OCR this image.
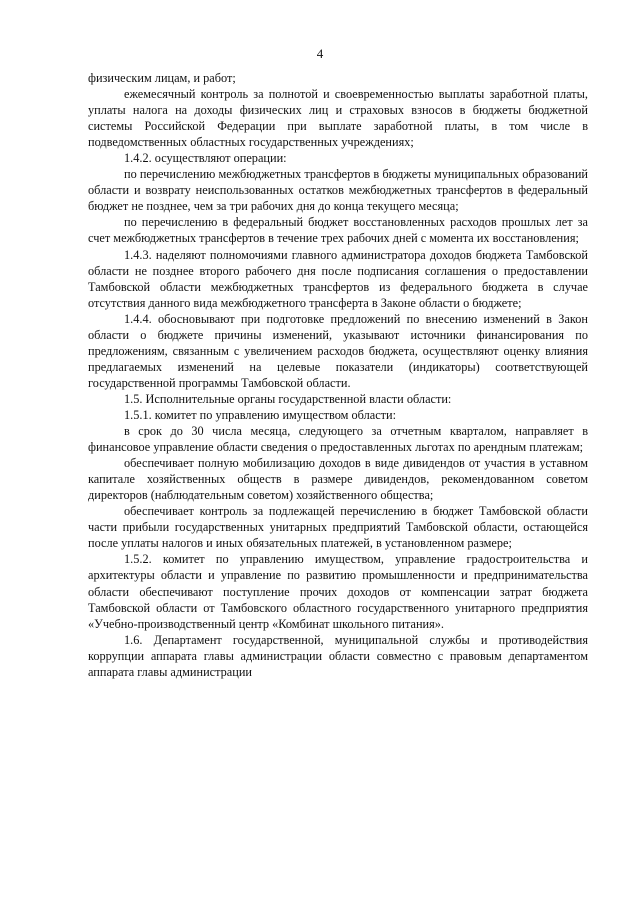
4

физическим лицам, и работ;

ежемесячный контроль за полнотой и своевременностью выплаты заработной платы, уплаты налога на доходы физических лиц и страховых взносов в бюджеты бюджетной системы Российской Федерации при выплате заработной платы, в том числе в подведомственных областных государственных учреждениях;

1.4.2. осуществляют операции:

по перечислению межбюджетных трансфертов в бюджеты муниципальных образований области и возврату неиспользованных остатков межбюджетных трансфертов в федеральный бюджет не позднее, чем за три рабочих дня до конца текущего месяца;

по перечислению в федеральный бюджет восстановленных расходов прошлых лет за счет межбюджетных трансфертов в течение трех рабочих дней с момента их восстановления;

1.4.3. наделяют полномочиями главного администратора доходов бюджета Тамбовской области не позднее второго рабочего дня после подписания соглашения о предоставлении Тамбовской области межбюджетных трансфертов из федерального бюджета в случае отсутствия данного вида межбюджетного трансферта в Законе области о бюджете;

1.4.4. обосновывают при подготовке предложений по внесению изменений в Закон области о бюджете причины изменений, указывают источники финансирования по предложениям, связанным с увеличением расходов бюджета, осуществляют оценку влияния предлагаемых изменений на целевые показатели (индикаторы) соответствующей государственной программы Тамбовской области.

1.5. Исполнительные органы государственной власти области:

1.5.1. комитет по управлению имуществом области:

в срок до 30 числа месяца, следующего за отчетным кварталом, направляет в финансовое управление области сведения о предоставленных льготах по арендным платежам;

обеспечивает полную мобилизацию доходов в виде дивидендов от участия в уставном капитале хозяйственных обществ в размере дивидендов, рекомендованном советом директоров (наблюдательным советом) хозяйственного общества;

обеспечивает контроль за подлежащей перечислению в бюджет Тамбовской области части прибыли государственных унитарных предприятий Тамбовской области, остающейся после уплаты налогов и иных обязательных платежей, в установленном размере;

1.5.2. комитет по управлению имуществом, управление градостроительства и архитектуры области и управление по развитию промышленности и предпринимательства области обеспечивают поступление прочих доходов от компенсации затрат бюджета Тамбовской области от Тамбовского областного государственного унитарного предприятия «Учебно-производственный центр «Комбинат школьного питания».

1.6. Департамент государственной, муниципальной службы и противодействия коррупции аппарата главы администрации области совместно с правовым департаментом аппарата главы администрации
